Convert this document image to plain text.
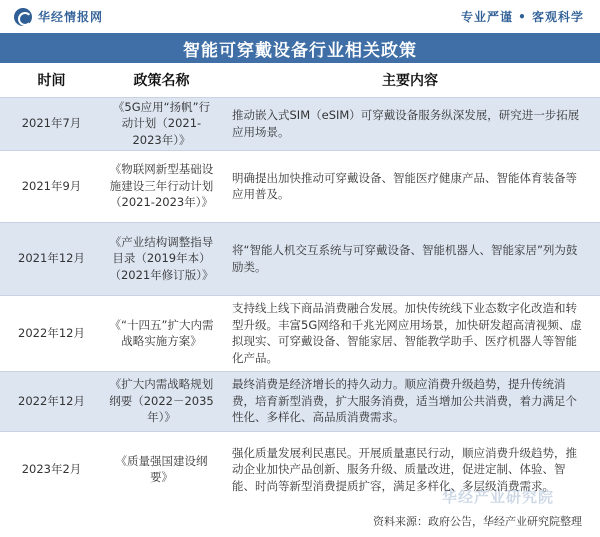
华经情报网	专业严谨 • 客观科学
智能可穿戴设备行业相关政策
时间	政策名称	主要内容
2021年7月	《5G应用“扬帆”行动计划（2021-2023年）》	推动嵌入式SIM（eSIM）可穿戴设备服务纵深发展，研究进一步拓展应用场景。
2021年9月	《物联网新型基础设施建设三年行动计划（2021-2023年）》	明确提出加快推动可穿戴设备、智能医疗健康产品、智能体育装备等应用普及。
2021年12月	《产业结构调整指导目录（2019年本）（2021年修订版）》	将“智能人机交互系统与可穿戴设备、智能机器人、智能家居”列为鼓励类。
2022年12月	《“十四五”扩大内需战略实施方案》	支持线上线下商品消费融合发展。加快传统线下业态数字化改造和转型升级。丰富5G网络和千兆光网应用场景，加快研发超高清视频、虚拟现实、可穿戴设备、智能家居、智能教学助手、医疗机器人等智能化产品。
2022年12月	《扩大内需战略规划纲要（2022－2035年）》	最终消费是经济增长的持久动力。顺应消费升级趋势，提升传统消费，培育新型消费，扩大服务消费，适当增加公共消费，着力满足个性化、多样化、高品质消费需求。
2023年2月	《质量强国建设纲要》	强化质量发展利民惠民。开展质量惠民行动，顺应消费升级趋势，推动企业加快产品创新、服务升级、质量改进，促进定制、体验、智能、时尚等新型消费提质扩容，满足多样化、多层级消费需求。
华经产业研究院
资料来源：政府公告，华经产业研究院整理
